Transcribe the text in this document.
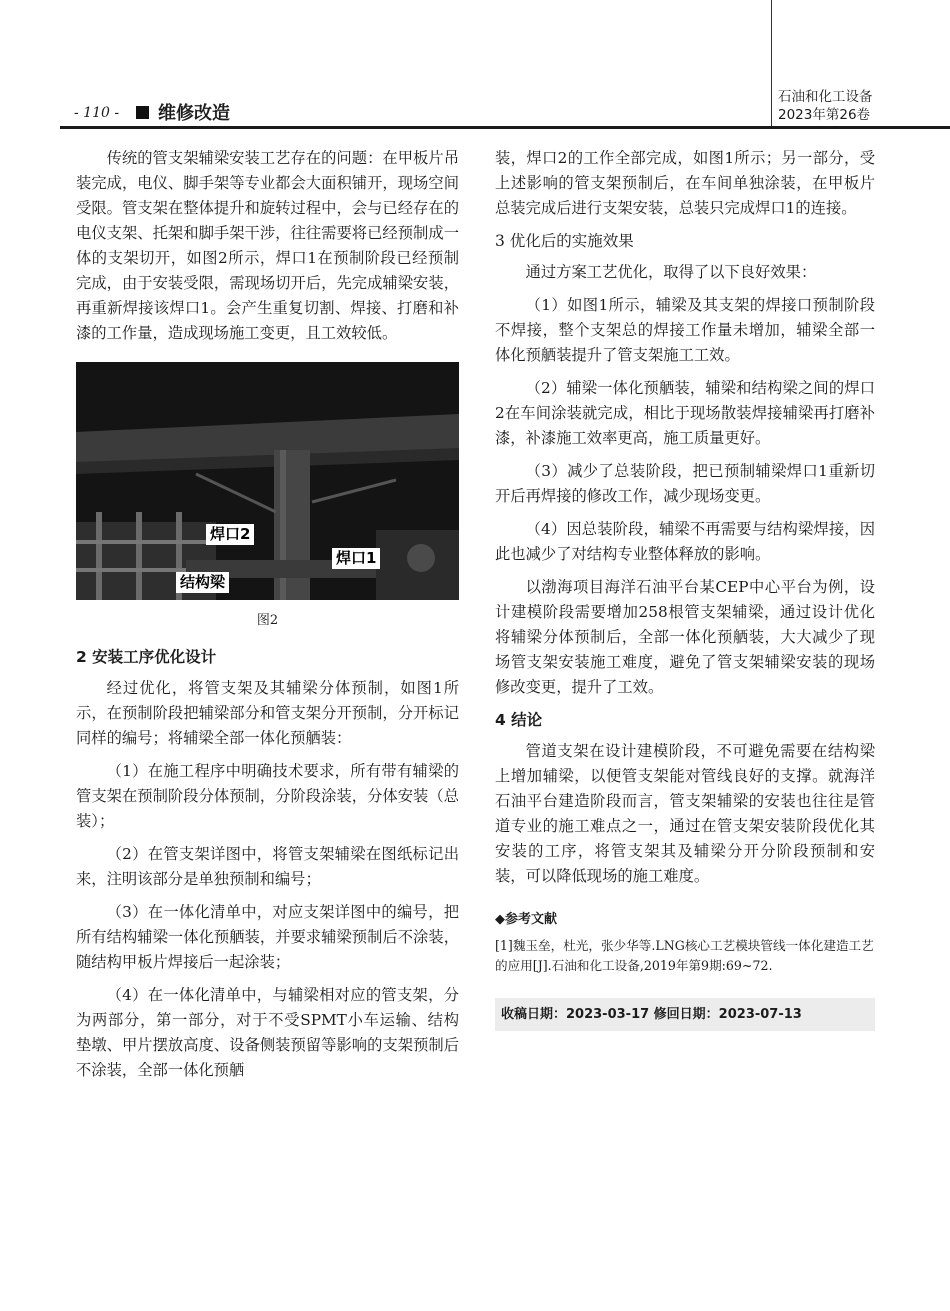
- 110 - 维修改造
石油和化工设备
2023年第26卷

传统的管支架辅梁安装工艺存在的问题：在甲板片吊装完成，电仪、脚手架等专业都会大面积铺开，现场空间受限。管支架在整体提升和旋转过程中，会与已经存在的电仪支架、托架和脚手架干涉，往往需要将已经预制成一体的支架切开，如图2所示，焊口1在预制阶段已经预制完成，由于安装受限，需现场切开后，先完成辅梁安装，再重新焊接该焊口1。会产生重复切割、焊接、打磨和补漆的工作量，造成现场施工变更，且工效较低。

焊口2
焊口1
结构梁
图2
2 安装工序优化设计

经过优化，将管支架及其辅梁分体预制，如图1所示，在预制阶段把辅梁部分和管支架分开预制，分开标记同样的编号；将辅梁全部一体化预舾装：

（1）在施工程序中明确技术要求，所有带有辅梁的管支架在预制阶段分体预制，分阶段涂装，分体安装（总装）；

（2）在管支架详图中，将管支架辅梁在图纸标记出来，注明该部分是单独预制和编号；

（3）在一体化清单中，对应支架详图中的编号，把所有结构辅梁一体化预舾装，并要求辅梁预制后不涂装，随结构甲板片焊接后一起涂装；

（4）在一体化清单中，与辅梁相对应的管支架，分为两部分，第一部分，对于不受SPMT小车运输、结构垫墩、甲片摆放高度、设备侧装预留等影响的支架预制后不涂装，全部一体化预舾

装，焊口2的工作全部完成，如图1所示；另一部分，受上述影响的管支架预制后，在车间单独涂装，在甲板片总装完成后进行支架安装，总装只完成焊口1的连接。

3 优化后的实施效果

通过方案工艺优化，取得了以下良好效果：

（1）如图1所示，辅梁及其支架的焊接口预制阶段不焊接，整个支架总的焊接工作量未增加，辅梁全部一体化预舾装提升了管支架施工工效。

（2）辅梁一体化预舾装，辅梁和结构梁之间的焊口2在车间涂装就完成，相比于现场散装焊接辅梁再打磨补漆，补漆施工效率更高，施工质量更好。

（3）减少了总装阶段，把已预制辅梁焊口1重新切开后再焊接的修改工作，减少现场变更。

（4）因总装阶段，辅梁不再需要与结构梁焊接，因此也减少了对结构专业整体释放的影响。

以渤海项目海洋石油平台某CEP中心平台为例，设计建模阶段需要增加258根管支架辅梁，通过设计优化将辅梁分体预制后，全部一体化预舾装，大大减少了现场管支架安装施工难度，避免了管支架辅梁安装的现场修改变更，提升了工效。

4 结论

管道支架在设计建模阶段，不可避免需要在结构梁上增加辅梁，以便管支架能对管线良好的支撑。就海洋石油平台建造阶段而言，管支架辅梁的安装也往往是管道专业的施工难点之一，通过在管支架安装阶段优化其安装的工序，将管支架其及辅梁分开分阶段预制和安装，可以降低现场的施工难度。

◆参考文献
[1]魏玉垒，杜光，张少华等.LNG核心工艺模块管线一体化建造工艺的应用[J].石油和化工设备,2019年第9期:69~72.
收稿日期：2023-03-17 修回日期：2023-07-13
